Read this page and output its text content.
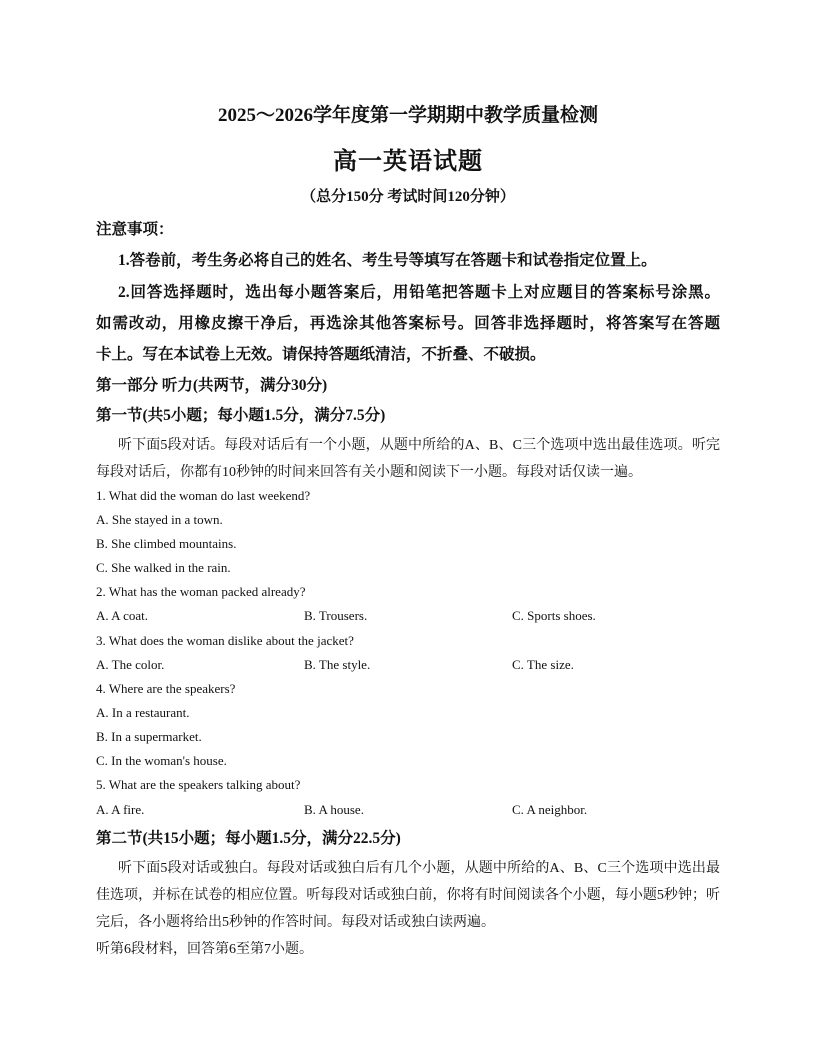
2025～2026学年度第一学期期中教学质量检测
高一英语试题
（总分150分 考试时间120分钟）
注意事项：
1.答卷前，考生务必将自己的姓名、考生号等填写在答题卡和试卷指定位置上。
2.回答选择题时，选出每小题答案后，用铅笔把答题卡上对应题目的答案标号涂黑。
如需改动，用橡皮擦干净后，再选涂其他答案标号。回答非选择题时，将答案写在答题
卡上。写在本试卷上无效。请保持答题纸清洁，不折叠、不破损。
第一部分 听力(共两节，满分30分)
第一节(共5小题；每小题1.5分，满分7.5分)
听下面5段对话。每段对话后有一个小题，从题中所给的A、B、C三个选项中选出最佳选项。听完
每段对话后，你都有10秒钟的时间来回答有关小题和阅读下一小题。每段对话仅读一遍。
1. What did the woman do last weekend?
A. She stayed in a town.
B. She climbed mountains.
C. She walked in the rain.
2. What has the woman packed already?
A. A coat.	B. Trousers.	C. Sports shoes.
3. What does the woman dislike about the jacket?
A. The color.	B. The style.	C. The size.
4. Where are the speakers?
A. In a restaurant.
B. In a supermarket.
C. In the woman's house.
5. What are the speakers talking about?
A. A fire.	B. A house.	C. A neighbor.
第二节(共15小题；每小题1.5分，满分22.5分)
听下面5段对话或独白。每段对话或独白后有几个小题，从题中所给的A、B、C三个选项中选出最
佳选项，并标在试卷的相应位置。听每段对话或独白前，你将有时间阅读各个小题，每小题5秒钟；听
完后，各小题将给出5秒钟的作答时间。每段对话或独白读两遍。
听第6段材料，回答第6至第7小题。
